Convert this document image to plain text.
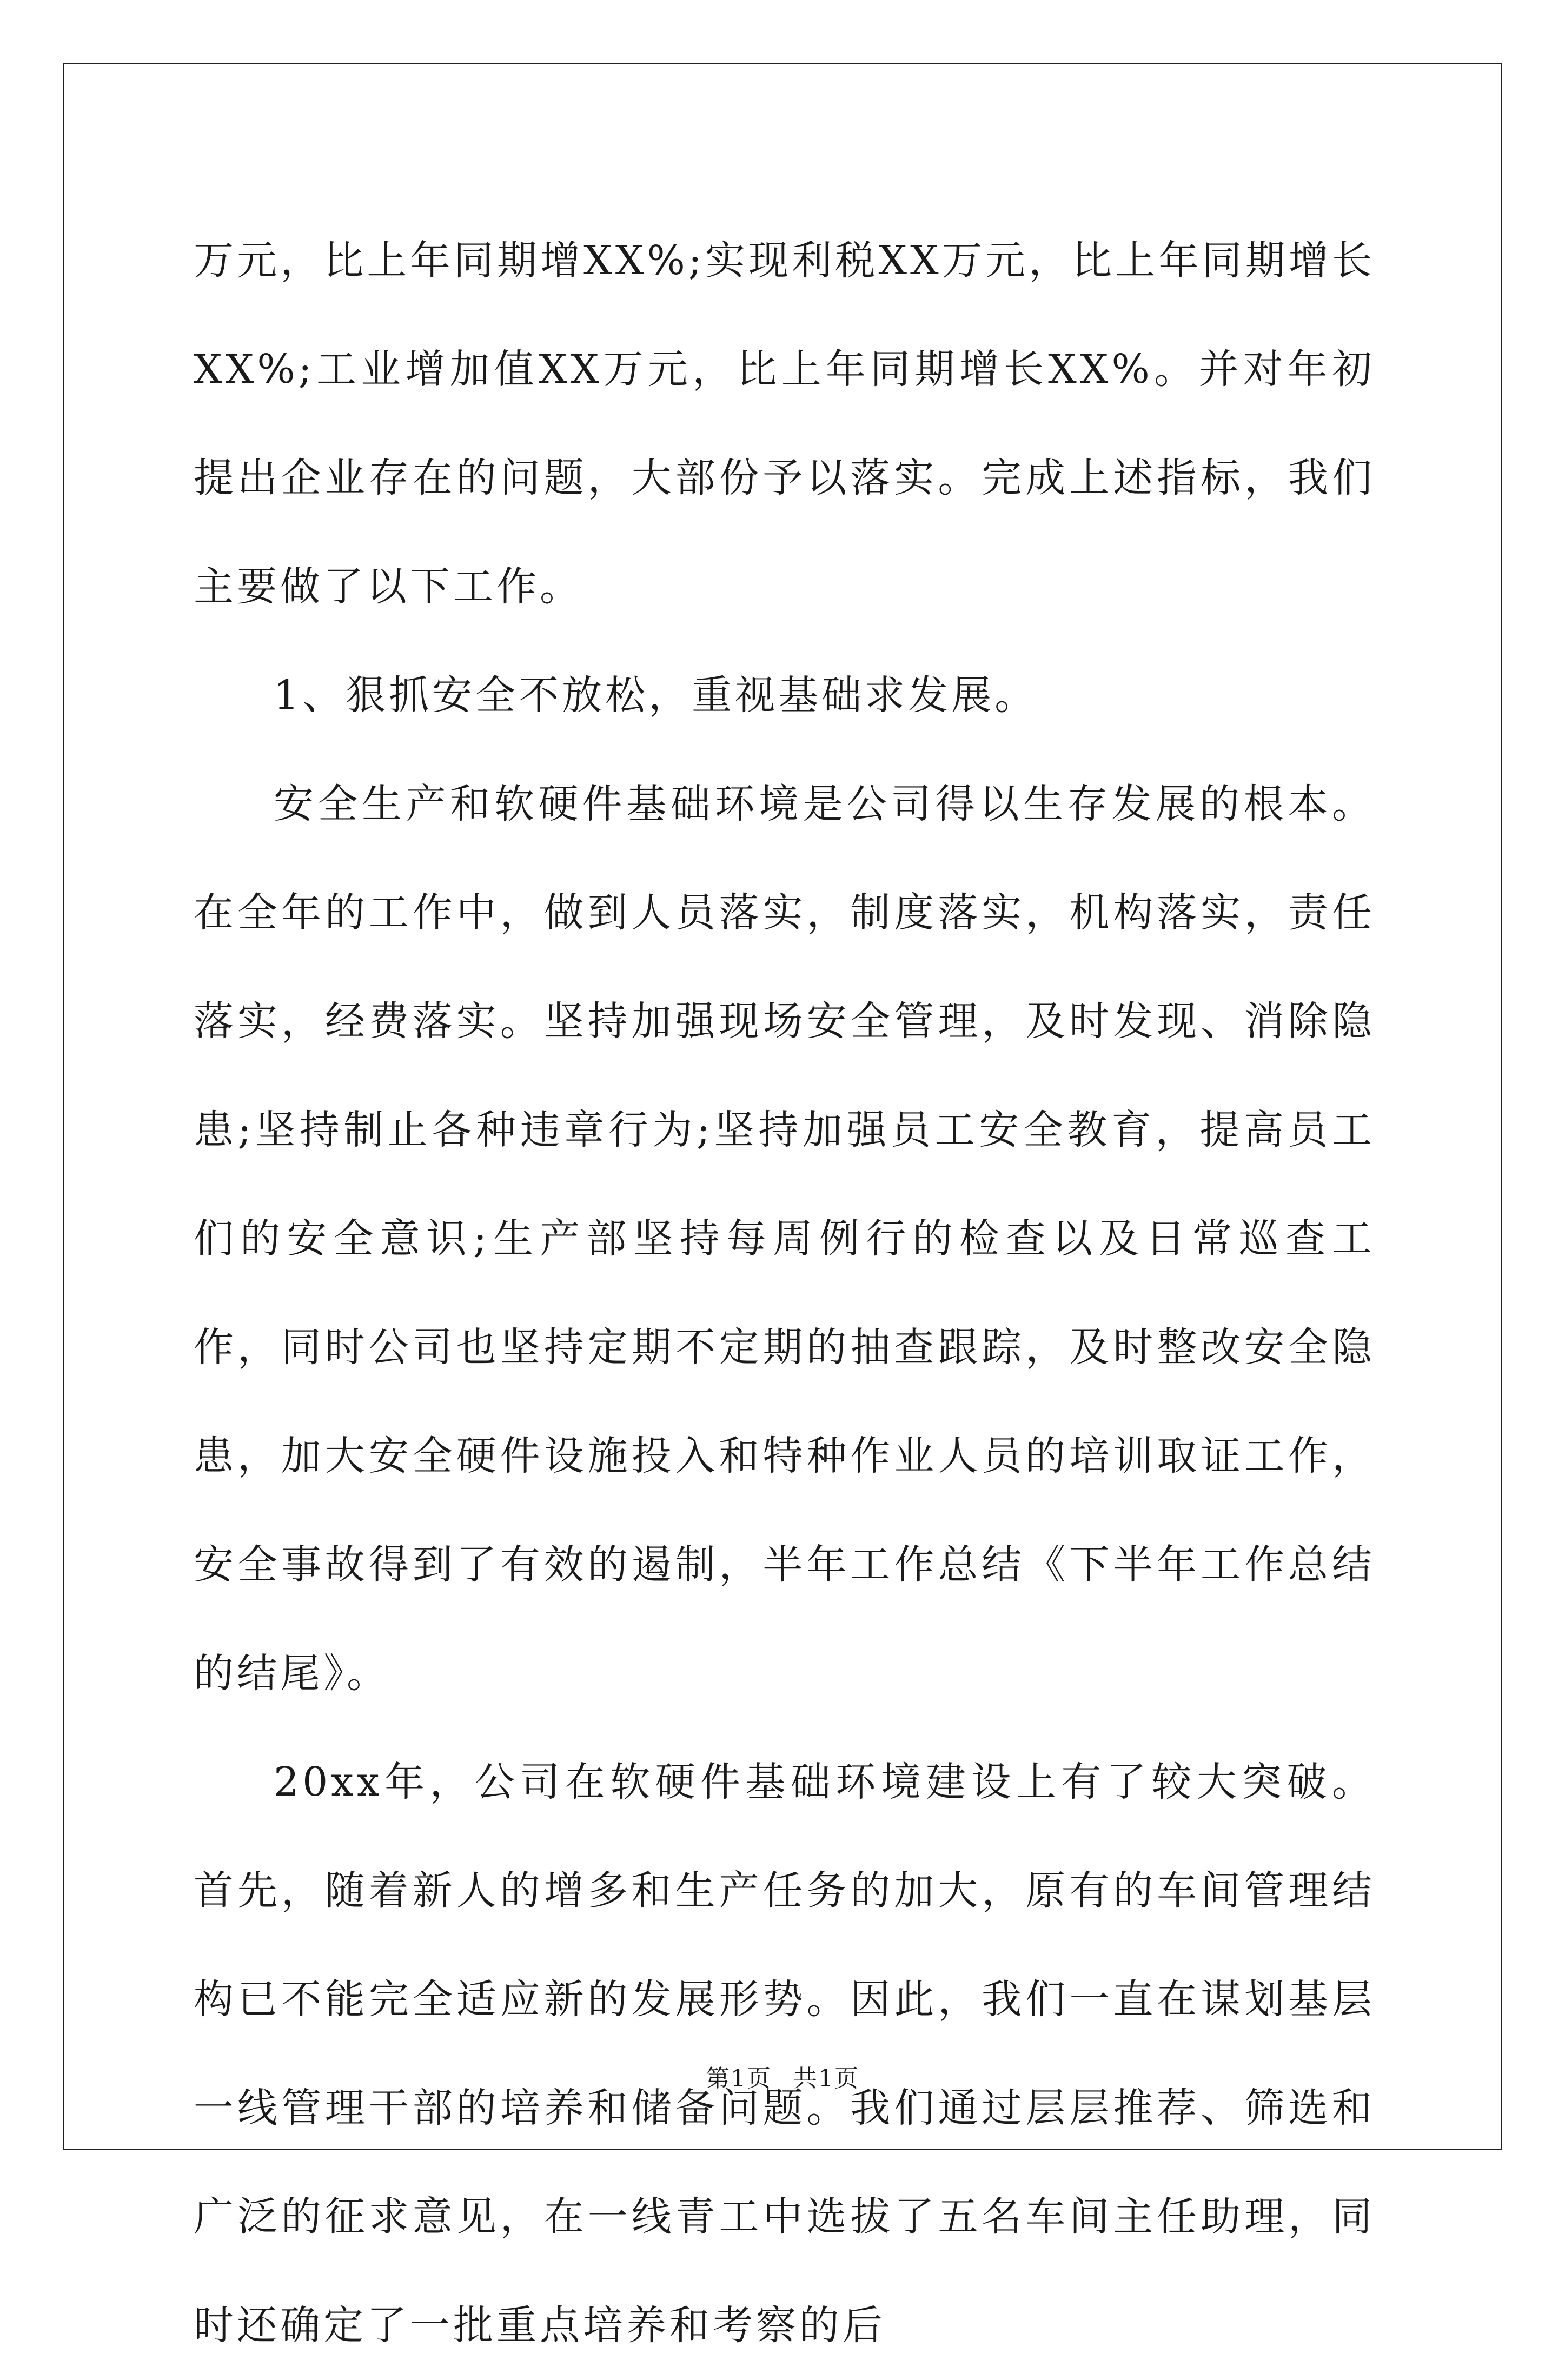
万元，比上年同期增XX%;实现利税XX万元，比上年同期增长XX%;工业增加值XX万元，比上年同期增长XX%。并对年初提出企业存在的问题，大部份予以落实。完成上述指标，我们主要做了以下工作。

1、狠抓安全不放松，重视基础求发展。

安全生产和软硬件基础环境是公司得以生存发展的根本。在全年的工作中，做到人员落实，制度落实，机构落实，责任落实，经费落实。坚持加强现场安全管理，及时发现、消除隐患;坚持制止各种违章行为;坚持加强员工安全教育，提高员工们的安全意识;生产部坚持每周例行的检查以及日常巡查工作，同时公司也坚持定期不定期的抽查跟踪，及时整改安全隐患，加大安全硬件设施投入和特种作业人员的培训取证工作，安全事故得到了有效的遏制，半年工作总结《下半年工作总结的结尾》。

20xx年，公司在软硬件基础环境建设上有了较大突破。首先，随着新人的增多和生产任务的加大，原有的车间管理结构已不能完全适应新的发展形势。因此，我们一直在谋划基层一线管理干部的培养和储备问题。我们通过层层推荐、筛选和广泛的征求意见，在一线青工中选拔了五名车间主任助理，同时还确定了一批重点培养和考察的后

第1页 共1页
